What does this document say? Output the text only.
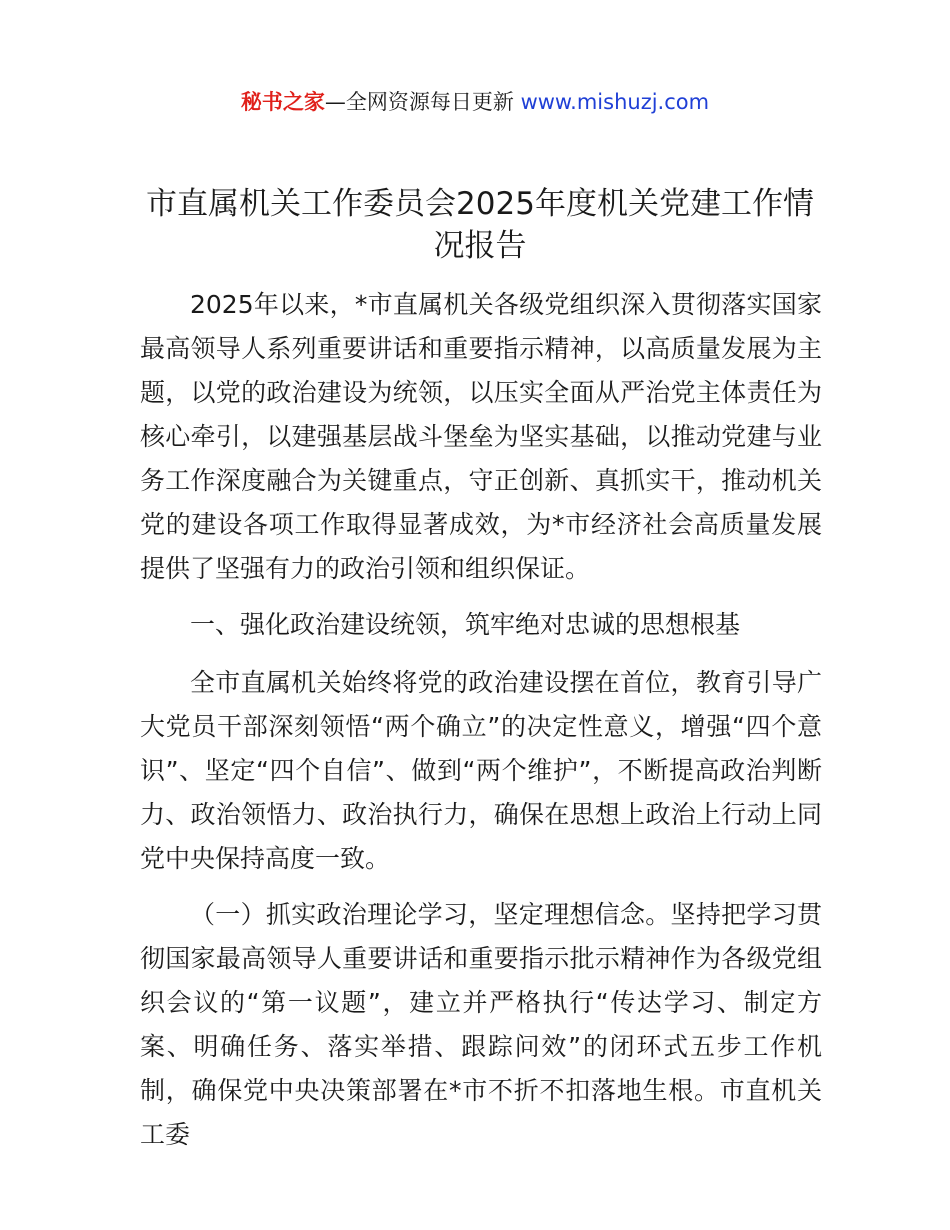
秘书之家—全网资源每日更新 www.mishuzj.com
市直属机关工作委员会2025年度机关党建工作情况报告

2025年以来，*市直属机关各级党组织深入贯彻落实国家最高领导人系列重要讲话和重要指示精神，以高质量发展为主题，以党的政治建设为统领，以压实全面从严治党主体责任为核心牵引，以建强基层战斗堡垒为坚实基础，以推动党建与业务工作深度融合为关键重点，守正创新、真抓实干，推动机关党的建设各项工作取得显著成效，为*市经济社会高质量发展提供了坚强有力的政治引领和组织保证。

一、强化政治建设统领，筑牢绝对忠诚的思想根基

全市直属机关始终将党的政治建设摆在首位，教育引导广大党员干部深刻领悟“两个确立”的决定性意义，增强“四个意识”、坚定“四个自信”、做到“两个维护”，不断提高政治判断力、政治领悟力、政治执行力，确保在思想上政治上行动上同党中央保持高度一致。

（一）抓实政治理论学习，坚定理想信念。坚持把学习贯彻国家最高领导人重要讲话和重要指示批示精神作为各级党组织会议的“第一议题”，建立并严格执行“传达学习、制定方案、明确任务、落实举措、跟踪问效”的闭环式五步工作机制，确保党中央决策部署在*市不折不扣落地生根。市直机关工委
